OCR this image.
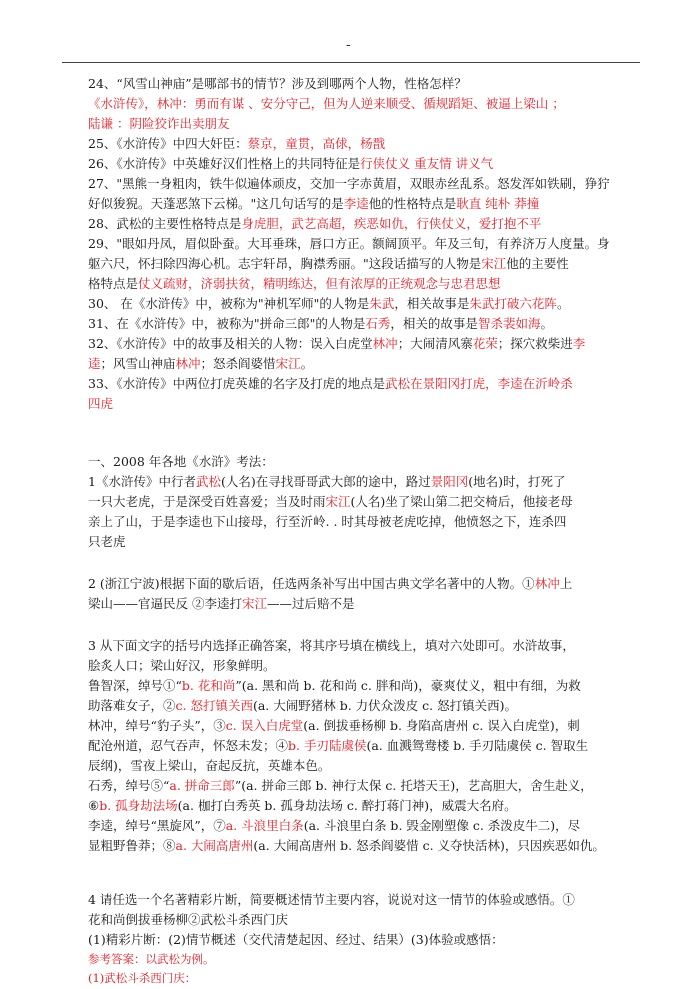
-

24、“风雪山神庙”是哪部书的情节？涉及到哪两个人物，性格怎样？

《水浒传》，林冲：勇而有谋 、安分守己，但为人逆来顺受、循规蹈矩、被逼上梁山 ；

陆谦 ：阴险狡诈出卖朋友

25、《水浒传》中四大奸臣：蔡京，童贯，高俅，杨戬

26、《水浒传》中英雄好汉们性格上的共同特征是行侠仗义 重友情 讲义气

27、"黑熊一身粗肉，铁牛似遍体顽皮，交加一字赤黄眉，双眼赤丝乱系。怒发浑如铁刷，狰狞

好似狻猊。天蓬恶煞下云梯。"这几句话写的是李逵他的性格特点是耿直 纯朴 莽撞

28、武松的主要性格特点是身虎胆，武艺高超，疾恶如仇，行侠仗义，爱打抱不平

29、"眼如丹凤，眉似卧蚕。大耳垂珠，唇口方正。额阔顶平。年及三旬，有养济万人度量。身

躯六尺，怀扫除四海心机。志宇轩昂，胸襟秀丽。"这段话描写的人物是宋江他的主要性

格特点是仗义疏财，济弱扶贫，精明练达，但有浓厚的正统观念与忠君思想

30、 在《水浒传》中，被称为"神机军师"的人物是朱武，相关故事是朱武打破六花阵。

31、在《水浒传》中，被称为"拼命三郎"的人物是石秀，相关的故事是智杀裴如海。

32、《水浒传》中的故事及相关的人物：误入白虎堂林冲；大闹清风寨花荣；探穴救柴进李

逵；风雪山神庙林冲；怒杀阎婆惜宋江。

33、《水浒传》中两位打虎英雄的名字及打虎的地点是武松在景阳冈打虎，李逵在沂岭杀

四虎

一、2008 年各地《水浒》考法：

1《水浒传》中行者武松(人名)在寻找哥哥武大郎的途中，路过景阳冈(地名)时，打死了

一只大老虎，于是深受百姓喜爱；当及时雨宋江(人名)坐了梁山第二把交椅后，他接老母

亲上了山，于是李逵也下山接母，行至沂岭. . 时其母被老虎吃掉，他愤怒之下，连杀四

只老虎

2 (浙江宁波)根据下面的歇后语，任选两条补写出中国古典文学名著中的人物。①林冲上

梁山——官逼民反 ②李逵打宋江——过后赔不是

3 从下面文字的括号内选择正确答案，将其序号填在横线上，填对六处即可。水浒故事，

脍炙人口；梁山好汉，形象鲜明。

鲁智深，绰号①“b. 花和尚”(a. 黑和尚 b. 花和尚 c. 胖和尚)，豪爽仗义，粗中有细，为救

助落难女子，②c. 怒打镇关西(a. 大闹野猪林 b. 力伏众泼皮 c. 怒打镇关西)。

林冲，绰号“豹子头”，③c. 误入白虎堂(a. 倒拔垂杨柳 b. 身陷高唐州 c. 误入白虎堂)，刺

配沧州道，忍气吞声，怀怒未发；④b. 手刃陆虞侯(a. 血溅鸳鸯楼 b. 手刃陆虞侯 c. 智取生

辰纲)，雪夜上梁山，奋起反抗，英雄本色。

石秀，绰号⑤“a. 拼命三郎”(a. 拼命三郎 b. 神行太保 c. 托塔天王)，艺高胆大，舍生赴义，

⑥b. 孤身劫法场(a. 枷打白秀英 b. 孤身劫法场 c. 醉打蒋门神)，威震大名府。

李逵，绰号“黑旋风”，⑦a. 斗浪里白条(a. 斗浪里白条 b. 毁金刚塑像 c. 杀泼皮牛二)，尽

显粗野鲁莽；⑧a. 大闹高唐州(a. 大闹高唐州 b. 怒杀阎婆惜 c. 义夺快活林)，只因疾恶如仇。

4 请任选一个名著精彩片断，简要概述情节主要内容，说说对这一情节的体验或感悟。①

花和尚倒拔垂杨柳②武松斗杀西门庆

(1)精彩片断：(2)情节概述（交代清楚起因、经过、结果）(3)体验或感悟：

参考答案：以武松为例。

(1)武松斗杀西门庆：
